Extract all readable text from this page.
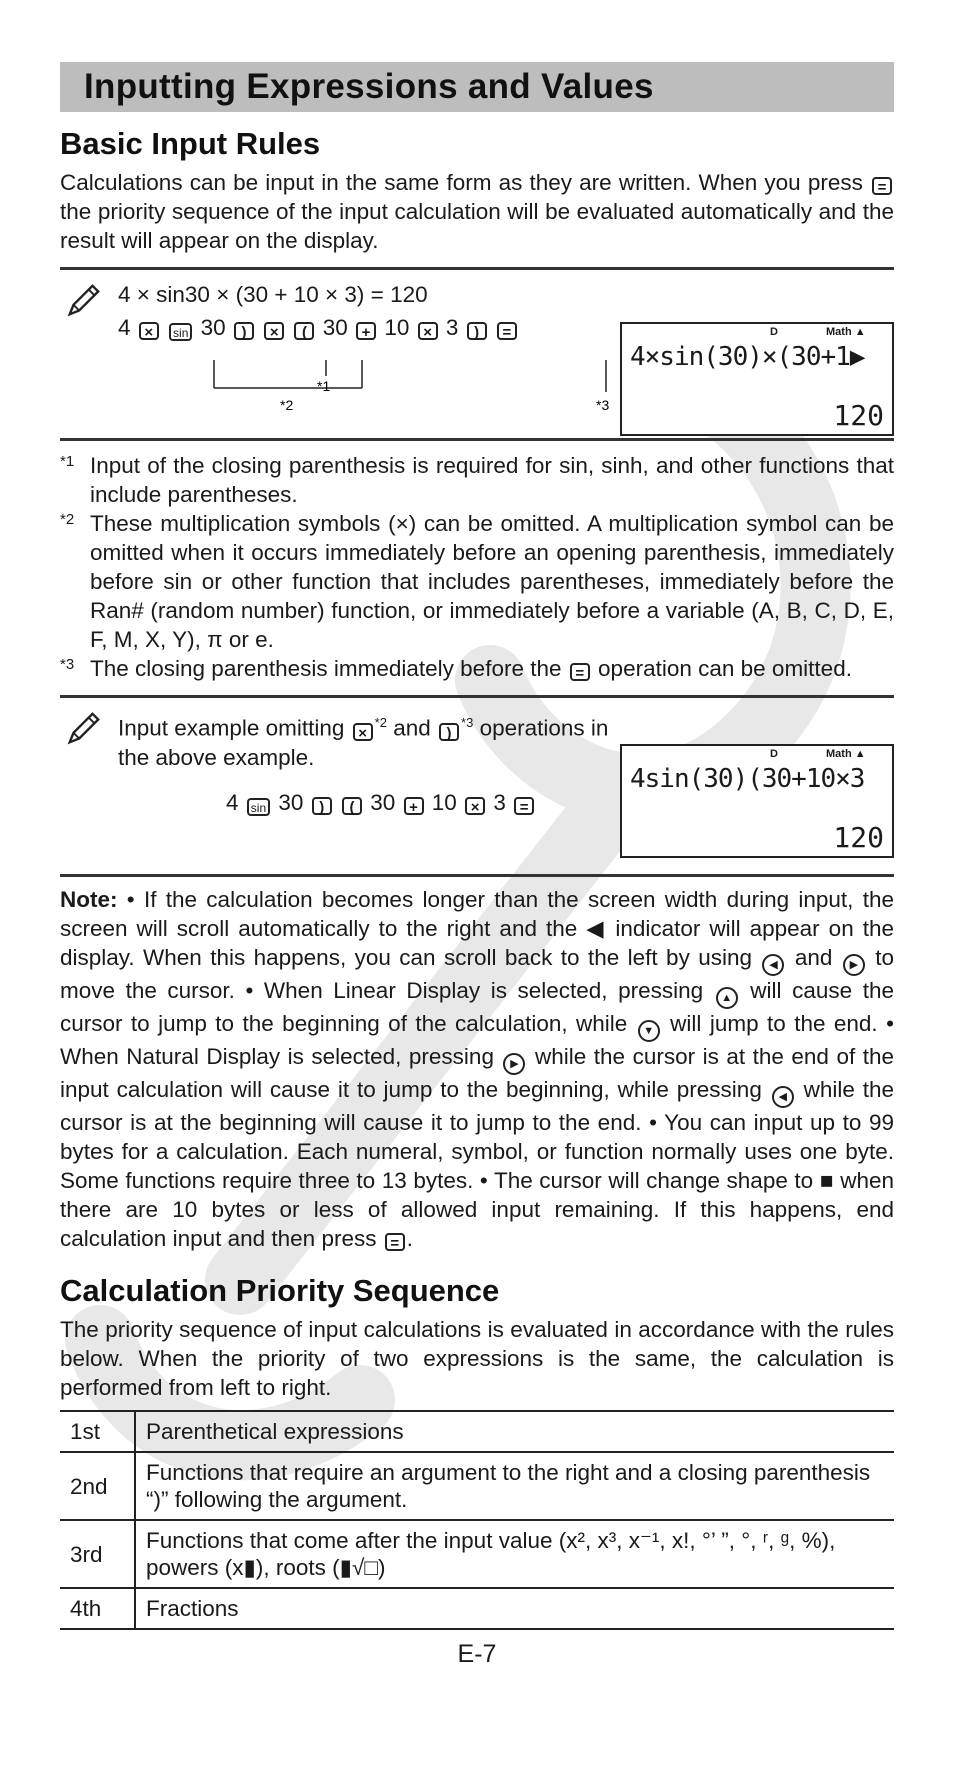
Inputting Expressions and Values
Basic Input Rules

Calculations can be input in the same form as they are written. When you press = the priority sequence of the input calculation will be evaluated automatically and the result will appear on the display.

4 × sin30 × (30 + 10 × 3) = 120
4 × sin 30 ) × ( 30 + 10 × 3 ) =
*1
*2	*3
D	Math ▲
4×sin(30)×(30+1▶
120
*1 Input of the closing parenthesis is required for sin, sinh, and other functions that include parentheses.
*2 These multiplication symbols (×) can be omitted. A multiplication symbol can be omitted when it occurs immediately before an opening parenthesis, immediately before sin or other function that includes parentheses, immediately before the Ran# (random number) function, or immediately before a variable (A, B, C, D, E, F, M, X, Y), π or e.
*3 The closing parenthesis immediately before the = operation can be omitted.
Input example omitting ×$^{*2}$ and )$^{*3}$ operations in the above example.
4 sin 30 ) ( 30 + 10 × 3 =
D	Math ▲
4sin(30)(30+10×3
120

Note: • If the calculation becomes longer than the screen width during input, the screen will scroll automatically to the right and the ◀ indicator will appear on the display. When this happens, you can scroll back to the left by using ◀ and ▶ to move the cursor. • When Linear Display is selected, pressing ▲ will cause the cursor to jump to the beginning of the calculation, while ▼ will jump to the end. • When Natural Display is selected, pressing ▶ while the cursor is at the end of the input calculation will cause it to jump to the beginning, while pressing ◀ while the cursor is at the beginning will cause it to jump to the end. • You can input up to 99 bytes for a calculation. Each numeral, symbol, or function normally uses one byte. Some functions require three to 13 bytes. • The cursor will change shape to ■ when there are 10 bytes or less of allowed input remaining. If this happens, end calculation input and then press = .

Calculation Priority Sequence

The priority sequence of input calculations is evaluated in accordance with the rules below. When the priority of two expressions is the same, the calculation is performed from left to right.

1st	Parenthetical expressions
2nd	Functions that require an argument to the right and a closing parenthesis “)” following the argument.
3rd	Functions that come after the input value (x², x³, x⁻¹, x!, °’ ”, °, ʳ, ᵍ, %), powers (x▮), roots (▮√□)
4th	Fractions
E-7
